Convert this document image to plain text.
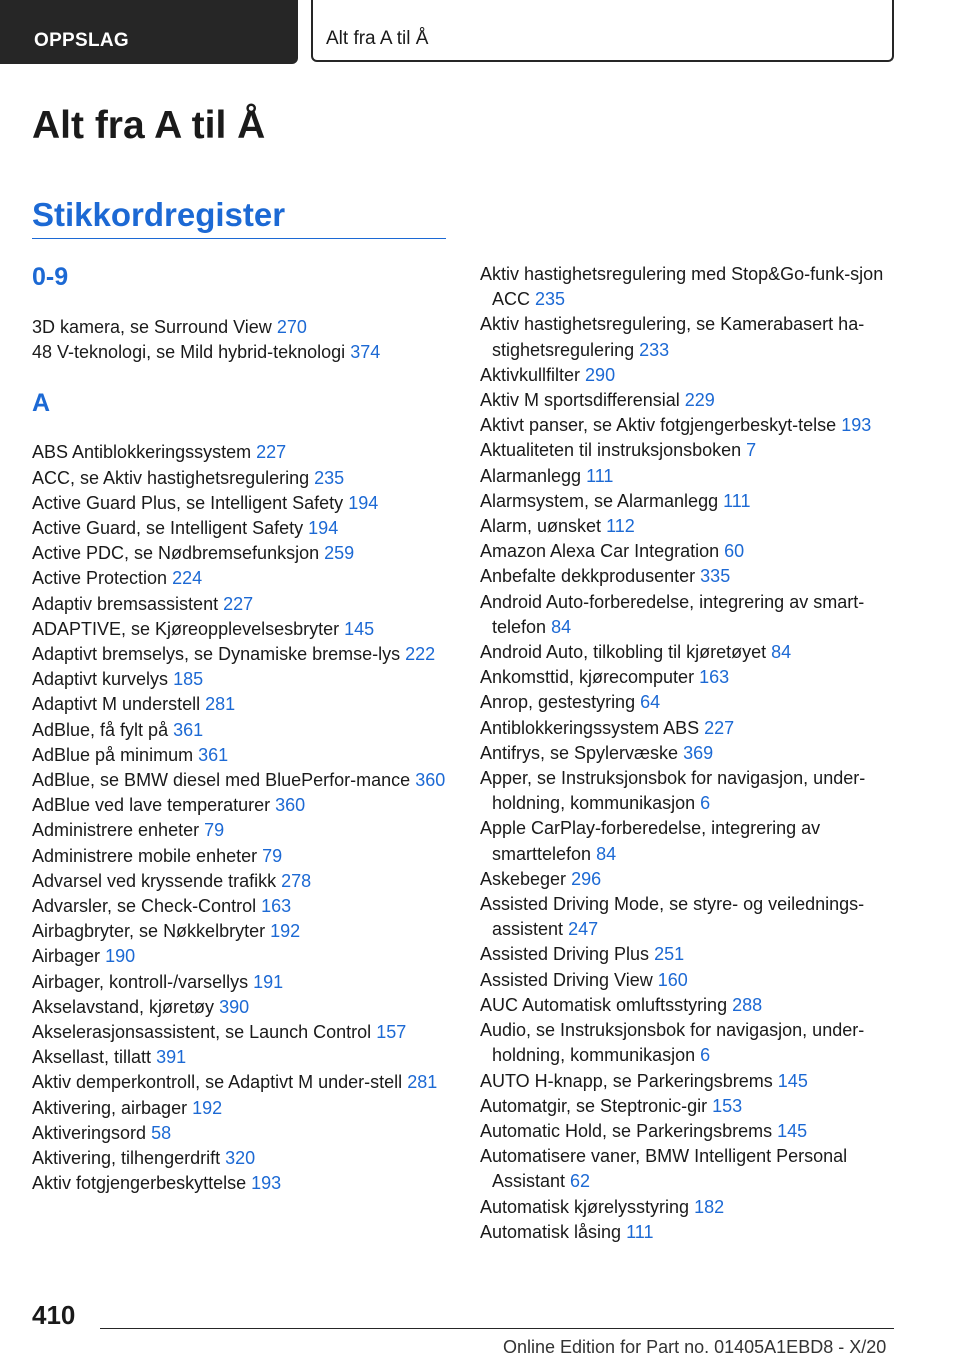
OPPSLAG	Alt fra A til Å
Alt fra A til Å
Stikkordregister
0-9
3D kamera, se Surround View 270
48 V-teknologi, se Mild hybrid-teknologi 374
A
ABS Antiblokkeringssystem 227
ACC, se Aktiv hastighetsregulering 235
Active Guard Plus, se Intelligent Safety 194
Active Guard, se Intelligent Safety 194
Active PDC, se Nødbremsefunksjon 259
Active Protection 224
Adaptiv bremsassistent 227
ADAPTIVE, se Kjøreopplevelsesbryter 145
Adaptivt bremselys, se Dynamiske bremse‐lys 222
Adaptivt kurvelys 185
Adaptivt M understell 281
AdBlue, få fylt på 361
AdBlue på minimum 361
AdBlue, se BMW diesel med BluePerfor‐mance 360
AdBlue ved lave temperaturer 360
Administrere enheter 79
Administrere mobile enheter 79
Advarsel ved kryssende trafikk 278
Advarsler, se Check-Control 163
Airbagbryter, se Nøkkelbryter 192
Airbager 190
Airbager, kontroll-/varsellys 191
Akselavstand, kjøretøy 390
Akselerasjonsassistent, se Launch Control 157
Aksellast, tillatt 391
Aktiv demperkontroll, se Adaptivt M under‐stell 281
Aktivering, airbager 192
Aktiveringsord 58
Aktivering, tilhengerdrift 320
Aktiv fotgjengerbeskyttelse 193
Aktiv hastighetsregulering med Stop&Go-funk‐sjon ACC 235
Aktiv hastighetsregulering, se Kamerabasert ha‐stighetsregulering 233
Aktivkullfilter 290
Aktiv M sportsdifferensial 229
Aktivt panser, se Aktiv fotgjengerbeskyt‐telse 193
Aktualiteten til instruksjonsboken 7
Alarmanlegg 111
Alarmsystem, se Alarmanlegg 111
Alarm, uønsket 112
Amazon Alexa Car Integration 60
Anbefalte dekkprodusenter 335
Android Auto-forberedelse, integrering av smart‐telefon 84
Android Auto, tilkobling til kjøretøyet 84
Ankomsttid, kjørecomputer 163
Anrop, gestestyring 64
Antiblokkeringssystem ABS 227
Antifrys, se Spylervæske 369
Apper, se Instruksjonsbok for navigasjon, under‐holdning, kommunikasjon 6
Apple CarPlay-forberedelse, integrering av smarttelefon 84
Askebeger 296
Assisted Driving Mode, se styre- og veilednings‐assistent 247
Assisted Driving Plus 251
Assisted Driving View 160
AUC Automatisk omluftsstyring 288
Audio, se Instruksjonsbok for navigasjon, under‐holdning, kommunikasjon 6
AUTO H-knapp, se Parkeringsbrems 145
Automatgir, se Steptronic-gir 153
Automatic Hold, se Parkeringsbrems 145
Automatisere vaner, BMW Intelligent Personal Assistant 62
Automatisk kjørelysstyring 182
Automatisk låsing 111
410
Online Edition for Part no. 01405A1EBD8 - X/20
